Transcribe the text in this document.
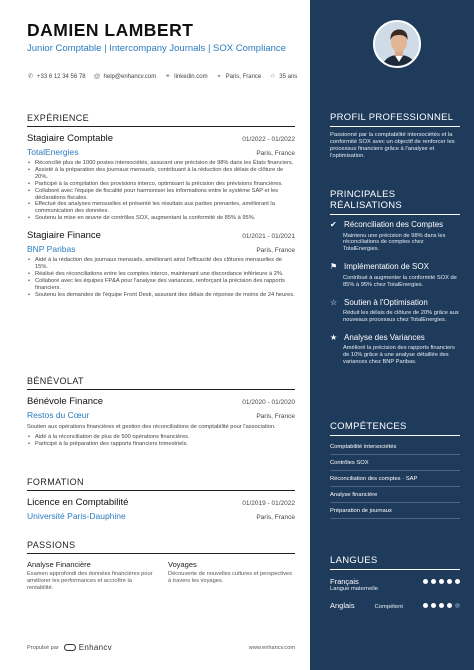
DAMIEN LAMBERT
Junior Comptable | Intercompany Journals | SOX Compliance
✆ +33 6 12 34 56 78 @ help@enhancv.com ⚭ linkedin.com ⌖ Paris, France ☆ 35 ans
EXPÉRIENCE
Stagiaire Comptable	01/2022 - 01/2022
TotalEnergies	Paris, France
• Réconcilié plus de 1000 postes intersociétés, assurant une précision de 98% dans les États financiers.
• Assisté à la préparation des journaux mensuels, contribuant à la réduction des délais de clôture de 20%.
• Participé à la compilation des provisions interco, optimisant la précision des prévisions financières.
• Collaboré avec l'équipe de fiscalité pour harmoniser les informations entre le système SAP et les déclarations fiscales.
• Effectué des analyses mensuelles et présenté les résultats aux parties prenantes, améliorant la communication des données.
• Soutenu la mise en œuvre de contrôles SOX, augmentant la conformité de 85% à 95%.
Stagiaire Finance	01/2021 - 01/2021
BNP Paribas	Paris, France
• Aidé à la rédaction des journaux mensuels, améliorant ainsi l'efficacité des clôtures mensuelles de 15%.
• Réalisé des réconciliations entre les comptes interco, maintenant une discordance inférieure à 2%.
• Collaboré avec les équipes FP&A pour l'analyse des variances, renforçant la précision des rapports financiers.
• Soutenu les demandes de l'équipe Front Desk, assurant des délais de réponse de moins de 24 heures.
BÉNÉVOLAT
Bénévole Finance	01/2020 - 01/2020
Restos du Cœur	Paris, France
Soutien aux opérations financières et gestion des réconciliations de comptabilité pour l'association.
• Aidé à la réconciliation de plus de 500 opérations financières.
• Participé à la préparation des rapports financiers trimestriels.
FORMATION
Licence en Comptabilité	01/2019 - 01/2022
Université Paris-Dauphine	Paris, France
PASSIONS
Analyse Financière
Examen approfondi des données financières pour améliorer les performances et accroître la rentabilité.
Voyages
Découverte de nouvelles cultures et perspectives à travers les voyages.
Propulsé par	Enhancv	www.enhancv.com
PROFIL PROFESSIONNEL
Passionné par la comptabilité intersociétés et la conformité SOX avec un objectif de renforcer les processus financiers grâce à l'analyse et l'optimisation.
PRINCIPALES RÉALISATIONS
✔ Réconciliation des Comptes
Maintenu une précision de 98% dans les réconciliations de comptes chez TotalEnergies.
⚑ Implémentation de SOX
Contribué à augmenter la conformité SOX de 85% à 95% chez TotalEnergies.
☆ Soutien à l'Optimisation
Réduit les délais de clôture de 20% grâce aux nouveaux processus chez TotalEnergies.
★ Analyse des Variances
Amélioré la précision des rapports financiers de 10% grâce à une analyse détaillée des variances chez BNP Paribas.
COMPÉTENCES
Comptabilité intersociétés
Contrôles SOX
Réconciliation des comptes · SAP
Analyse financière
Préparation de journaux
LANGUES
Français
Langue maternelle
Anglais	Compétent
